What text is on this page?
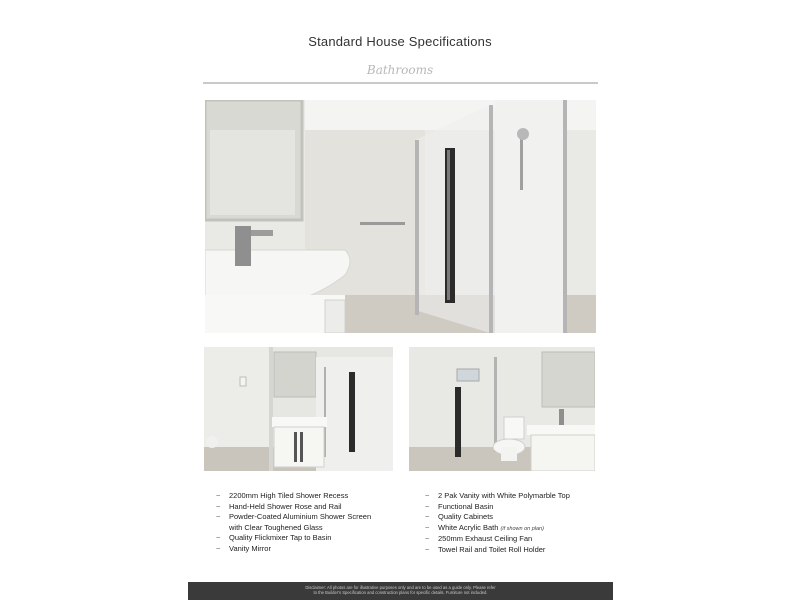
Standard House Specifications
Bathrooms
~ 2200mm High Tiled Shower Recess
~ Hand-Held Shower Rose and Rail
~ Powder-Coated Aluminium Shower Screen
with Clear Toughened Glass
~ Quality Flickmixer Tap to Basin
~ Vanity Mirror
~ 2 Pak Vanity with White Polymarble Top
~ Functional Basin
~ Quality Cabinets
~ White Acrylic Bath (if shown on plan)
~ 250mm Exhaust Ceiling Fan
~ Towel Rail and Toilet Roll Holder
Disclaimer: All photos are for illustrative purposes only and are to be used as a guide only. Please refer
to the Builder's Specification and construction plans for specific details. Furniture not included.
